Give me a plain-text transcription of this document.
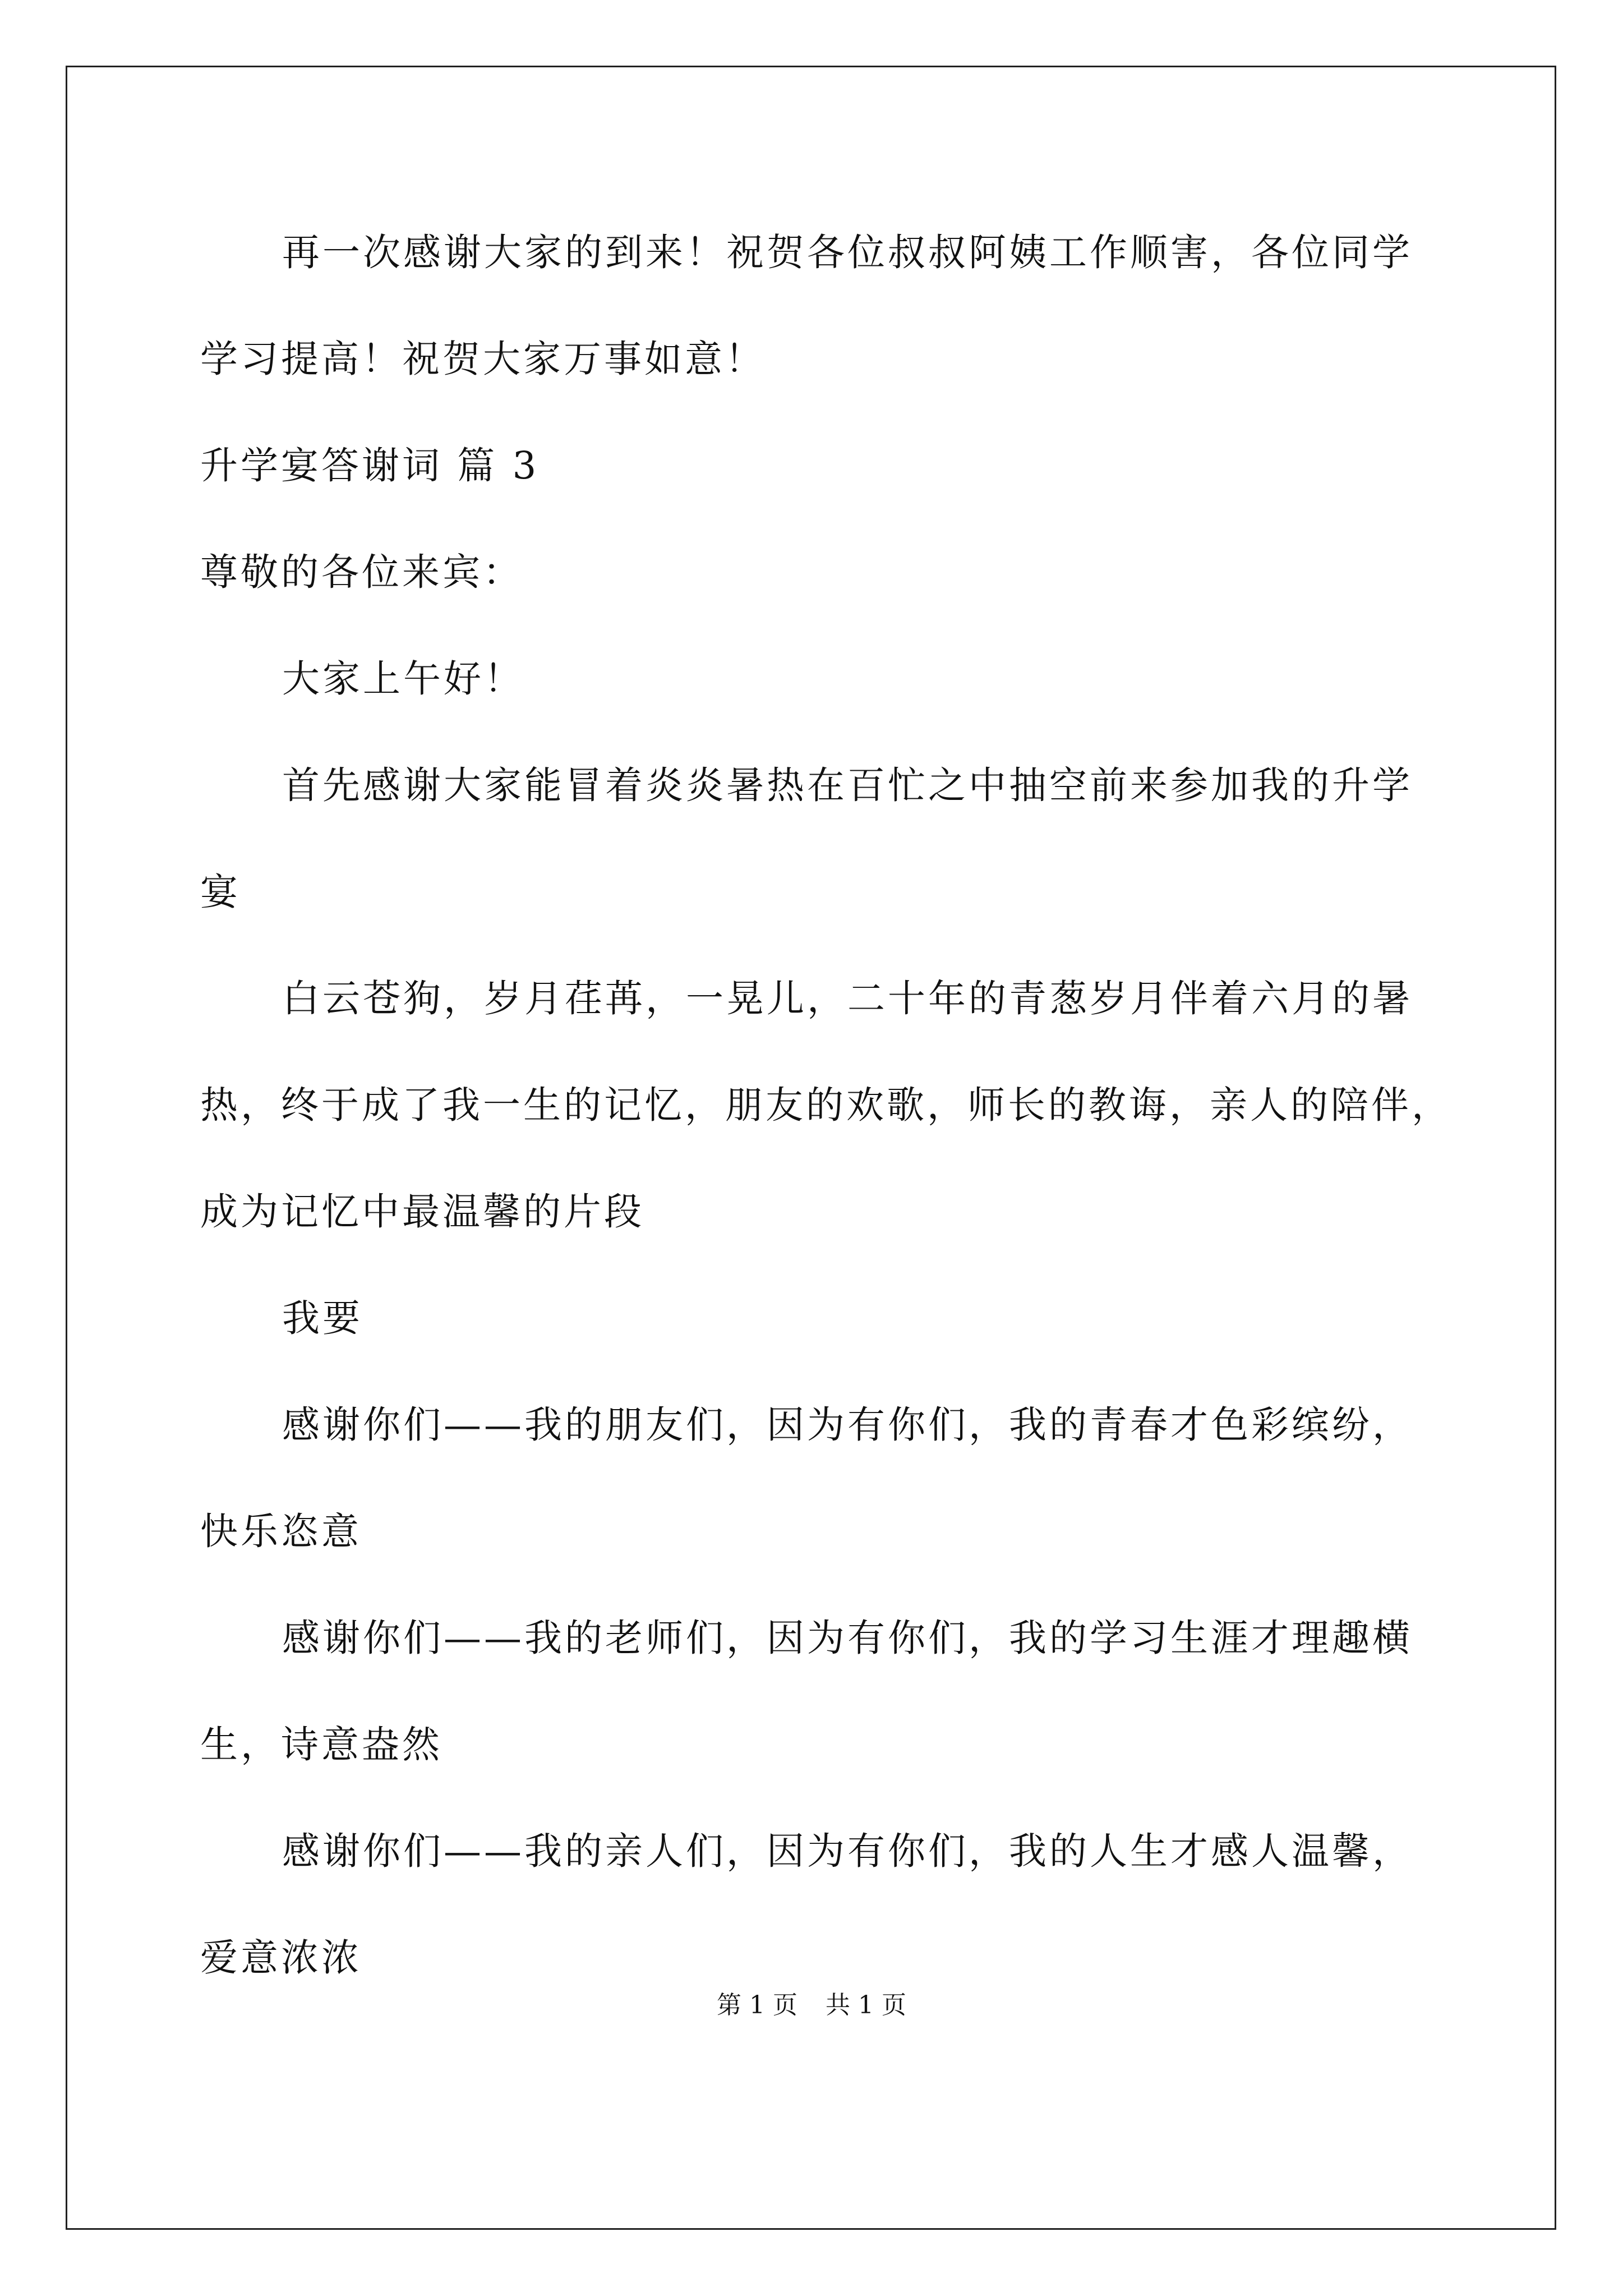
再一次感谢大家的到来！祝贺各位叔叔阿姨工作顺害，各位同学
学习提高！祝贺大家万事如意！
升学宴答谢词 篇 3
尊敬的各位来宾：
大家上午好！
首先感谢大家能冒着炎炎暑热在百忙之中抽空前来参加我的升学
宴
白云苍狗，岁月荏苒，一晃儿，二十年的青葱岁月伴着六月的暑
热，终于成了我一生的记忆，朋友的欢歌，师长的教诲，亲人的陪伴，
成为记忆中最温馨的片段
我要
感谢你们——我的朋友们，因为有你们，我的青春才色彩缤纷，
快乐恣意
感谢你们——我的老师们，因为有你们，我的学习生涯才理趣横
生，诗意盎然
感谢你们——我的亲人们，因为有你们，我的人生才感人温馨，
爱意浓浓
第 1 页 共 1 页
